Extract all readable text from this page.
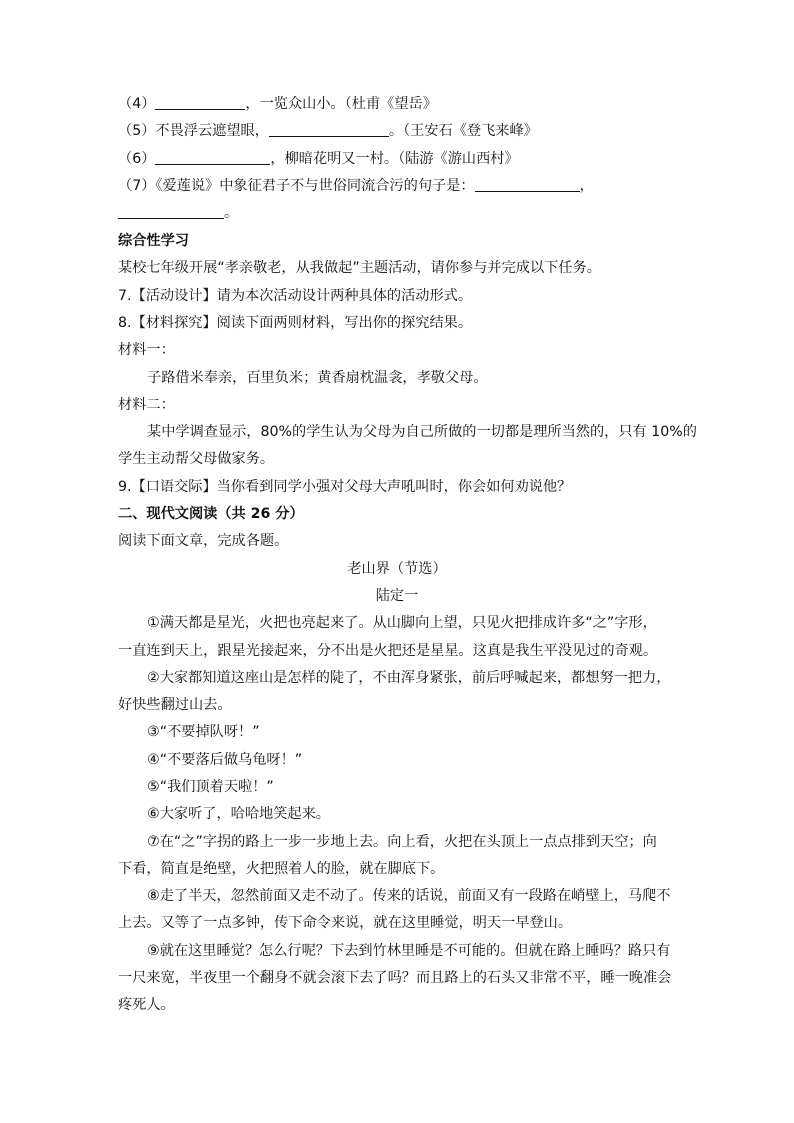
（4）	，一览众山小。（杜甫《望岳》
（5）不畏浮云遮望眼，	。（王安石《登飞来峰》
（6）	，柳暗花明又一村。（陆游《游山西村》
（7）《爱莲说》中象征君子不与世俗同流合污的句子是：	，
。
综合性学习
某校七年级开展“孝亲敬老，从我做起”主题活动，请你参与并完成以下任务。
7.【活动设计】请为本次活动设计两种具体的活动形式。
8.【材料探究】阅读下面两则材料，写出你的探究结果。
材料一：
子路借米奉亲，百里负米；黄香扇枕温衾，孝敬父母。
材料二：
某中学调查显示，80%的学生认为父母为自己所做的一切都是理所当然的，只有 10%的
学生主动帮父母做家务。
9.【口语交际】当你看到同学小强对父母大声吼叫时，你会如何劝说他？
二、现代文阅读（共 26 分）
阅读下面文章，完成各题。
老山界（节选）
陆定一
①满天都是星光，火把也亮起来了。从山脚向上望，只见火把排成许多“之”字形，
一直连到天上，跟星光接起来，分不出是火把还是星星。这真是我生平没见过的奇观。
②大家都知道这座山是怎样的陡了，不由浑身紧张，前后呼喊起来，都想努一把力，
好快些翻过山去。
③“不要掉队呀！”
④“不要落后做乌龟呀！”
⑤“我们顶着天啦！”
⑥大家听了，哈哈地笑起来。
⑦在“之”字拐的路上一步一步地上去。向上看，火把在头顶上一点点排到天空；向
下看，简直是绝壁，火把照着人的脸，就在脚底下。
⑧走了半天，忽然前面又走不动了。传来的话说，前面又有一段路在峭壁上，马爬不
上去。又等了一点多钟，传下命令来说，就在这里睡觉，明天一早登山。
⑨就在这里睡觉？怎么行呢？下去到竹林里睡是不可能的。但就在路上睡吗？路只有
一尺来宽，半夜里一个翻身不就会滚下去了吗？而且路上的石头又非常不平，睡一晚准会
疼死人。
